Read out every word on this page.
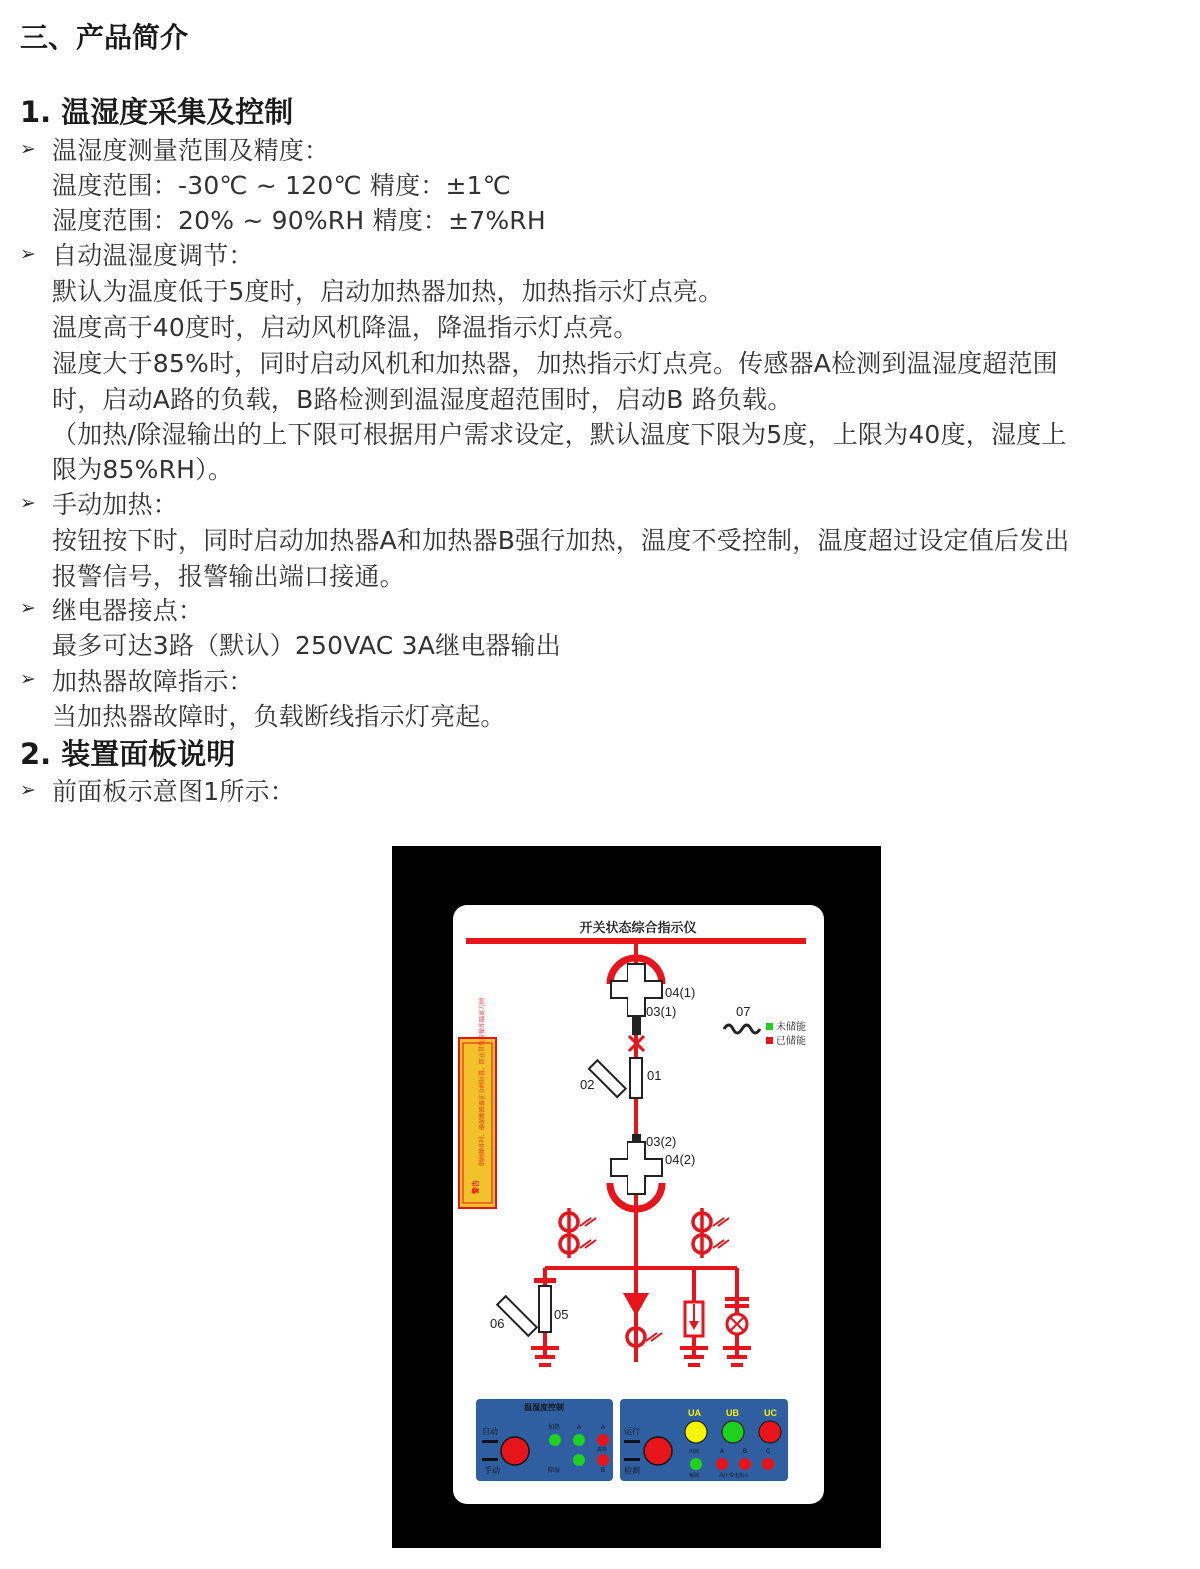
三、产品简介
1. 温湿度采集及控制
➢ 温湿度测量范围及精度：
温度范围：-30℃ ~ 120℃ 精度：±1℃
湿度范围：20% ~ 90%RH 精度：±7%RH
➢ 自动温湿度调节：
默认为温度低于5度时，启动加热器加热，加热指示灯点亮。
温度高于40度时，启动风机降温，降温指示灯点亮。
湿度大于85%时，同时启动风机和加热器，加热指示灯点亮。传感器A检测到温湿度超范围
时，启动A路的负载，B路检测到温湿度超范围时，启动B 路负载。
（加热/除湿输出的上下限可根据用户需求设定，默认温度下限为5度，上限为40度，湿度上
限为85%RH）。
➢ 手动加热：
按钮按下时，同时启动加热器A和加热器B强行加热，温度不受控制，温度超过设定值后发出
报警信号，报警输出端口接通。
➢ 继电器接点：
最多可达3路（默认）250VAC 3A继电器输出
➢ 加热器故障指示：
当加热器故障时，负载断线指示灯亮起。
2. 装置面板说明
➢ 前面板示意图1所示：
开关状态综合指示仪
04(1)
03(1)
01
02
03(2)
04(2)
07
未储能
已储能
警告
倒闸操作时，确保断路器在分闸位置，防止带负荷操作隔离刀闸
05
06
温湿度控制
自动
手动
加热
除湿
故障
A	A
B
运行
检测
UA	UB	UC
闭锁	A	B	C
解锁	高压带电指示
